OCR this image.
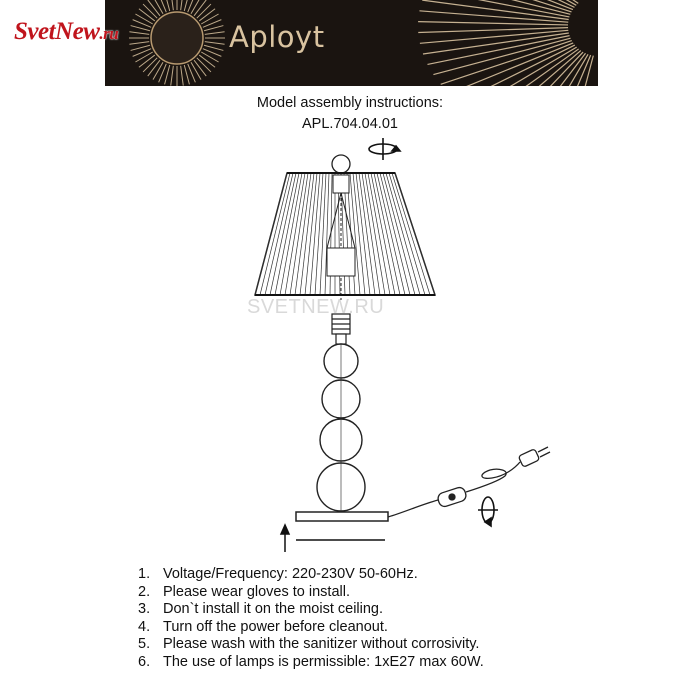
Aployt
SvetNew.ru
Model assembly instructions:
APL.704.04.01
SVETNEW.RU
1. Voltage/Frequency: 220-230V 50-60Hz.
2. Please wear gloves to install.
3. Don`t install it on the moist ceiling.
4. Turn off the power before cleanout.
5. Please wash with the sanitizer without corrosivity.
6. The use of lamps is permissible: 1xE27 max 60W.
